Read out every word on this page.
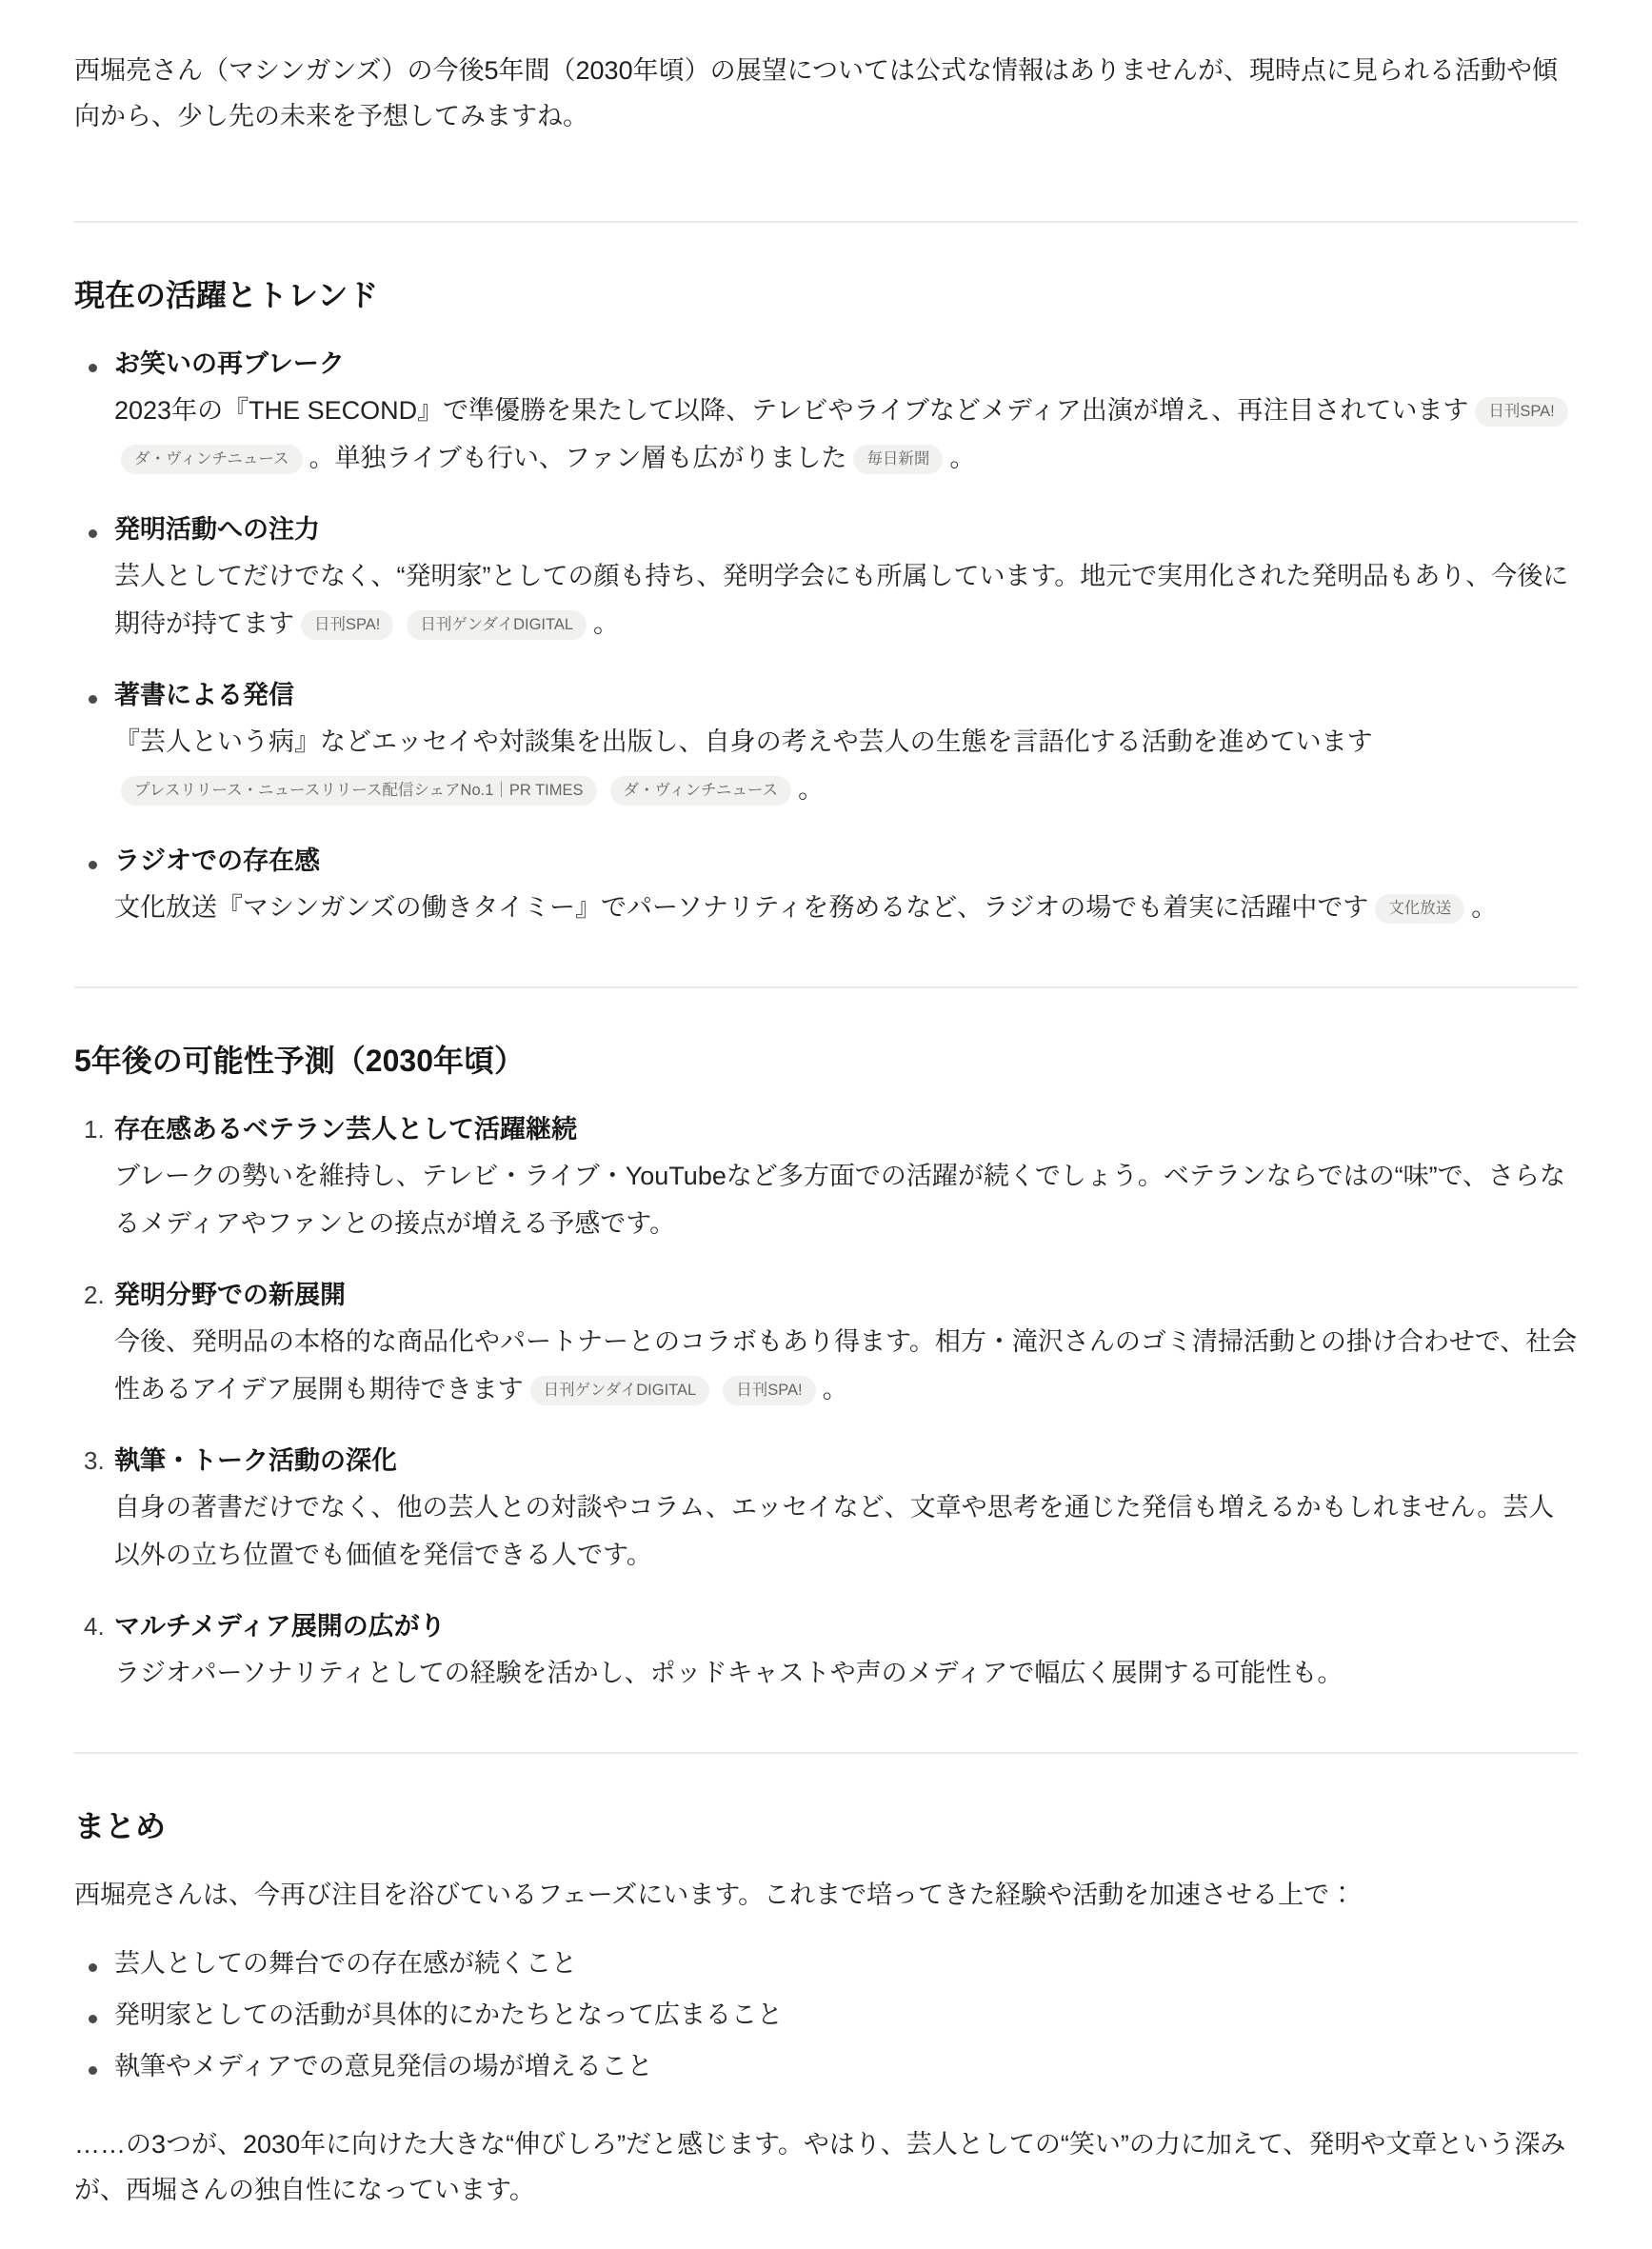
西堀亮さん（マシンガンズ）の今後5年間（2030年頃）の展望については公式な情報はありませんが、現時点に見られる活動や傾向から、少し先の未来を予想してみますね。

現在の活躍とトレンド
お笑いの再ブレーク
2023年の『THE SECOND』で準優勝を果たして以降、テレビやライブなどメディア出演が増え、再注目されています 日刊SPA!ダ・ヴィンチニュース 。単独ライブも行い、ファン層も広がりました 毎日新聞 。
発明活動への注力
芸人としてだけでなく、“発明家”としての顔も持ち、発明学会にも所属しています。地元で実用化された発明品もあり、今後に期待が持てます 日刊SPA!	日刊ゲンダイDIGITAL 。
著書による発信
『芸人という病』などエッセイや対談集を出版し、自身の考えや芸人の生態を言語化する活動を進めていますプレスリリース・ニュースリリース配信シェアNo.1｜PR TIMES	ダ・ヴィンチニュース 。
ラジオでの存在感
文化放送『マシンガンズの働きタイミー』でパーソナリティを務めるなど、ラジオの場でも着実に活躍中です 文化放送 。
5年後の可能性予測（2030年頃）
1. 存在感あるベテラン芸人として活躍継続
ブレークの勢いを維持し、テレビ・ライブ・YouTubeなど多方面での活躍が続くでしょう。ベテランならではの“味”で、さらなるメディアやファンとの接点が増える予感です。
2. 発明分野での新展開
今後、発明品の本格的な商品化やパートナーとのコラボもあり得ます。相方・滝沢さんのゴミ清掃活動との掛け合わせで、社会性あるアイデア展開も期待できます 日刊ゲンダイDIGITAL	日刊SPA! 。
3. 執筆・トーク活動の深化
自身の著書だけでなく、他の芸人との対談やコラム、エッセイなど、文章や思考を通じた発信も増えるかもしれません。芸人以外の立ち位置でも価値を発信できる人です。
4. マルチメディア展開の広がり
ラジオパーソナリティとしての経験を活かし、ポッドキャストや声のメディアで幅広く展開する可能性も。
まとめ

西堀亮さんは、今再び注目を浴びているフェーズにいます。これまで培ってきた経験や活動を加速させる上で：

芸人としての舞台での存在感が続くこと
発明家としての活動が具体的にかたちとなって広まること
執筆やメディアでの意見発信の場が増えること

……の3つが、2030年に向けた大きな“伸びしろ”だと感じます。やはり、芸人としての“笑い”の力に加えて、発明や文章という深みが、西堀さんの独自性になっています。
